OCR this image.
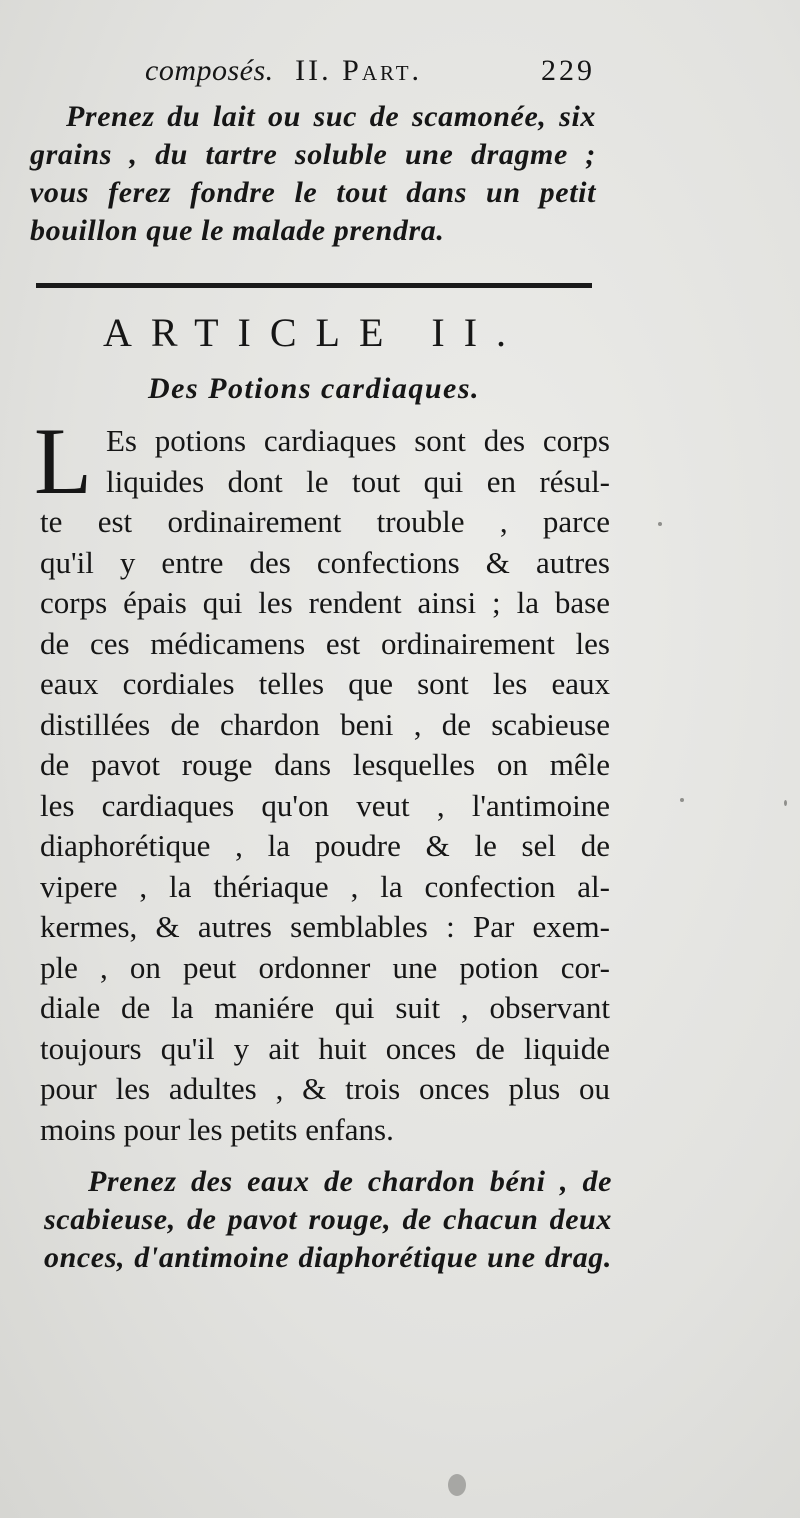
composés. II. Part.	229
Prenez du lait ou suc de scamonée, six
grains , du tartre soluble une dragme ;
vous ferez fondre le tout dans un petit
bouillon que le malade prendra.
ARTICLE II.
Des Potions cardiaques.
L Es potions cardiaques sont des corps
liquides dont le tout qui en résul-
te est ordinairement trouble , parce
qu'il y entre des confections & autres
corps épais qui les rendent ainsi ; la base
de ces médicamens est ordinairement les
eaux cordiales telles que sont les eaux
distillées de chardon beni , de scabieuse
de pavot rouge dans lesquelles on mêle
les cardiaques qu'on veut , l'antimoine
diaphorétique , la poudre & le sel de
vipere , la thériaque , la confection al-
kermes, & autres semblables : Par exem-
ple , on peut ordonner une potion cor-
diale de la maniére qui suit , observant
toujours qu'il y ait huit onces de liquide
pour les adultes , & trois onces plus ou
moins pour les petits enfans.
Prenez des eaux de chardon béni , de
scabieuse, de pavot rouge, de chacun deux
onces, d'antimoine diaphorétique une drag.
